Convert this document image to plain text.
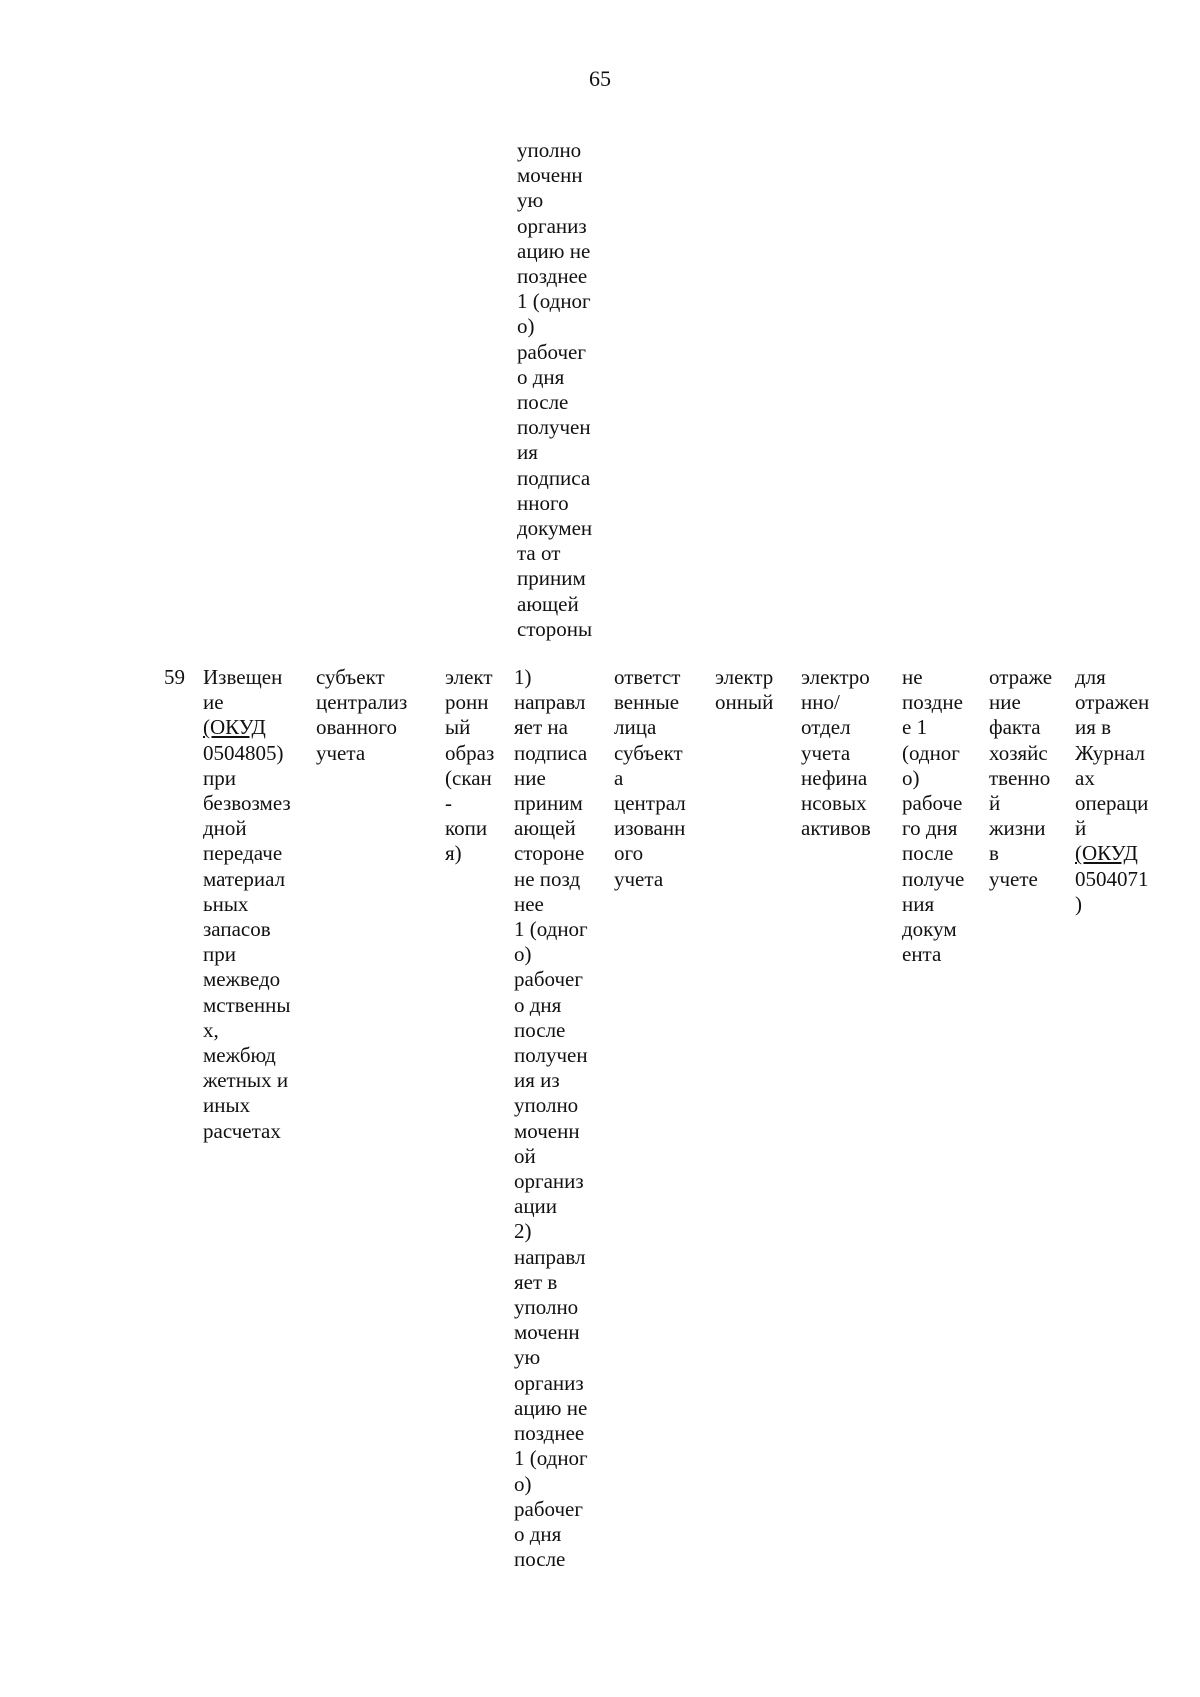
65
уполно
моченн
ую
организ
ацию не
позднее
1 (одног
о)
рабочег
о дня
после
получен
ия
подписа
нного
докумен
та от
приним
ающей
стороны
59 Извещен
ие
(ОКУД
0504805)
при
безвозмез
дной
передаче
материал
ьных
запасов
при
межведо
мственны
х,
межбюд
жетных и
иных
расчетах
субъект
централиз
ованного
учета
элект
ронн
ый
образ
(скан
-
копи
я)
1)
направл
яет на
подписа
ние
приним
ающей
стороне
не позд
нее
1 (одног
о)
рабочег
о дня
после
получен
ия из
уполно
моченн
ой
организ
ации
2)
направл
яет в
уполно
моченн
ую
организ
ацию не
позднее
1 (одног
о)
рабочег
о дня
после
ответст
венные
лица
субъект
а
централ
изованн
ого
учета
электр
онный
электро
нно/
отдел
учета
нефина
нсовых
активов
не
поздне
е 1
(одног
о)
рабоче
го дня
после
получе
ния
докум
ента
отраже
ние
факта
хозяйс
твенно
й
жизни
в
учете
для
отражен
ия в
Журнал
ах
операци
й
(ОКУД
0504071
)
